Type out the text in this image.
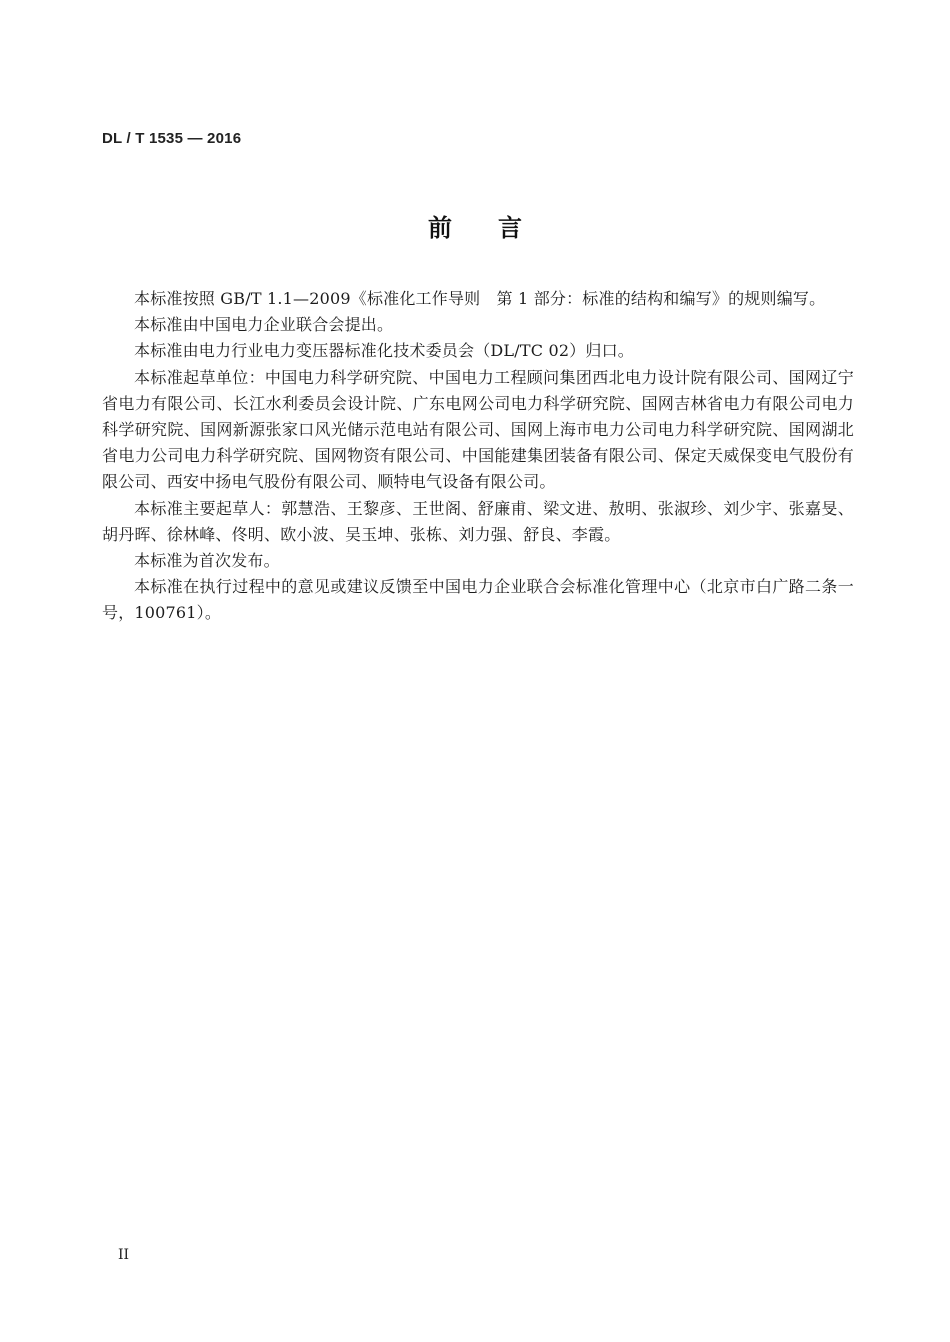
DL / T 1535 — 2016
前言

本标准按照 GB/T 1.1—2009《标准化工作导则　第 1 部分：标准的结构和编写》的规则编写。

本标准由中国电力企业联合会提出。

本标准由电力行业电力变压器标准化技术委员会（DL/TC 02）归口。

本标准起草单位：中国电力科学研究院、中国电力工程顾问集团西北电力设计院有限公司、国网辽宁省电力有限公司、长江水利委员会设计院、广东电网公司电力科学研究院、国网吉林省电力有限公司电力科学研究院、国网新源张家口风光储示范电站有限公司、国网上海市电力公司电力科学研究院、国网湖北省电力公司电力科学研究院、国网物资有限公司、中国能建集团装备有限公司、保定天威保变电气股份有限公司、西安中扬电气股份有限公司、顺特电气设备有限公司。

本标准主要起草人：郭慧浩、王黎彦、王世阁、舒廉甫、梁文进、敖明、张淑珍、刘少宇、张嘉旻、胡丹晖、徐林峰、佟明、欧小波、吴玉坤、张栋、刘力强、舒良、李霞。

本标准为首次发布。

本标准在执行过程中的意见或建议反馈至中国电力企业联合会标准化管理中心（北京市白广路二条一号，100761）。

II
